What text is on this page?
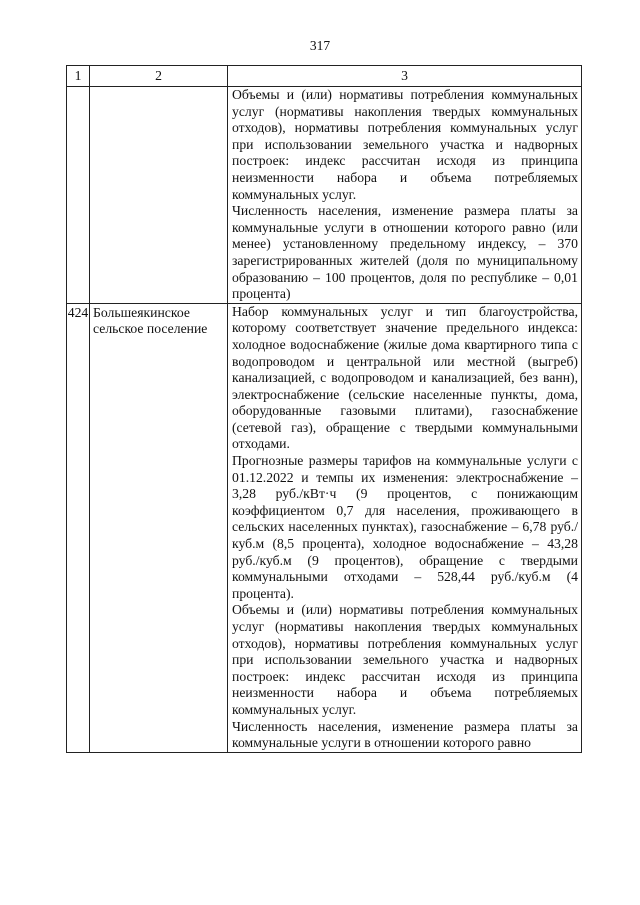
317
1	2	3

		Объемы и (или) нормативы потребления коммунальных услуг (нормативы накопления твердых коммунальных отходов), нормативы потребления коммунальных услуг при использовании земельного участка и надворных построек: индекс рассчитан исходя из принципа неизменности набора и объема потребляемых коммунальных услуг.

Численность населения, изменение размера платы за коммунальные услуги в отношении которого равно (или менее) установленному предельному индексу, – 370 зарегистрированных жителей (доля по муниципальному образованию – 100 процентов, доля по республике – 0,01 процента)

424	Большеякинское сельское поселение	Набор коммунальных услуг и тип благоустройства, которому соответствует значение предельного индекса: холодное водоснабжение (жилые дома квартирного типа с водопроводом и центральной или местной (выгреб) канализацией, с водопроводом и канализацией, без ванн), электроснабжение (сельские населенные пункты, дома, оборудованные газовыми плитами), газоснабжение (сетевой газ), обращение с твердыми коммунальными отходами.

Прогнозные размеры тарифов на коммунальные услуги с 01.12.2022 и темпы их изменения: электроснабжение – 3,28 руб./кВт·ч (9 процентов, с понижающим коэффициентом 0,7 для населения, проживающего в сельских населенных пунктах), газоснабжение – 6,78 руб./куб.м (8,5 процента), холодное водоснабжение – 43,28 руб./куб.м (9 процентов), обращение с твердыми коммунальными отходами – 528,44 руб./куб.м (4 процента).

Объемы и (или) нормативы потребления коммунальных услуг (нормативы накопления твердых коммунальных отходов), нормативы потребления коммунальных услуг при использовании земельного участка и надворных построек: индекс рассчитан исходя из принципа неизменности набора и объема потребляемых коммунальных услуг.

Численность населения, изменение размера платы за коммунальные услуги в отношении которого равно
